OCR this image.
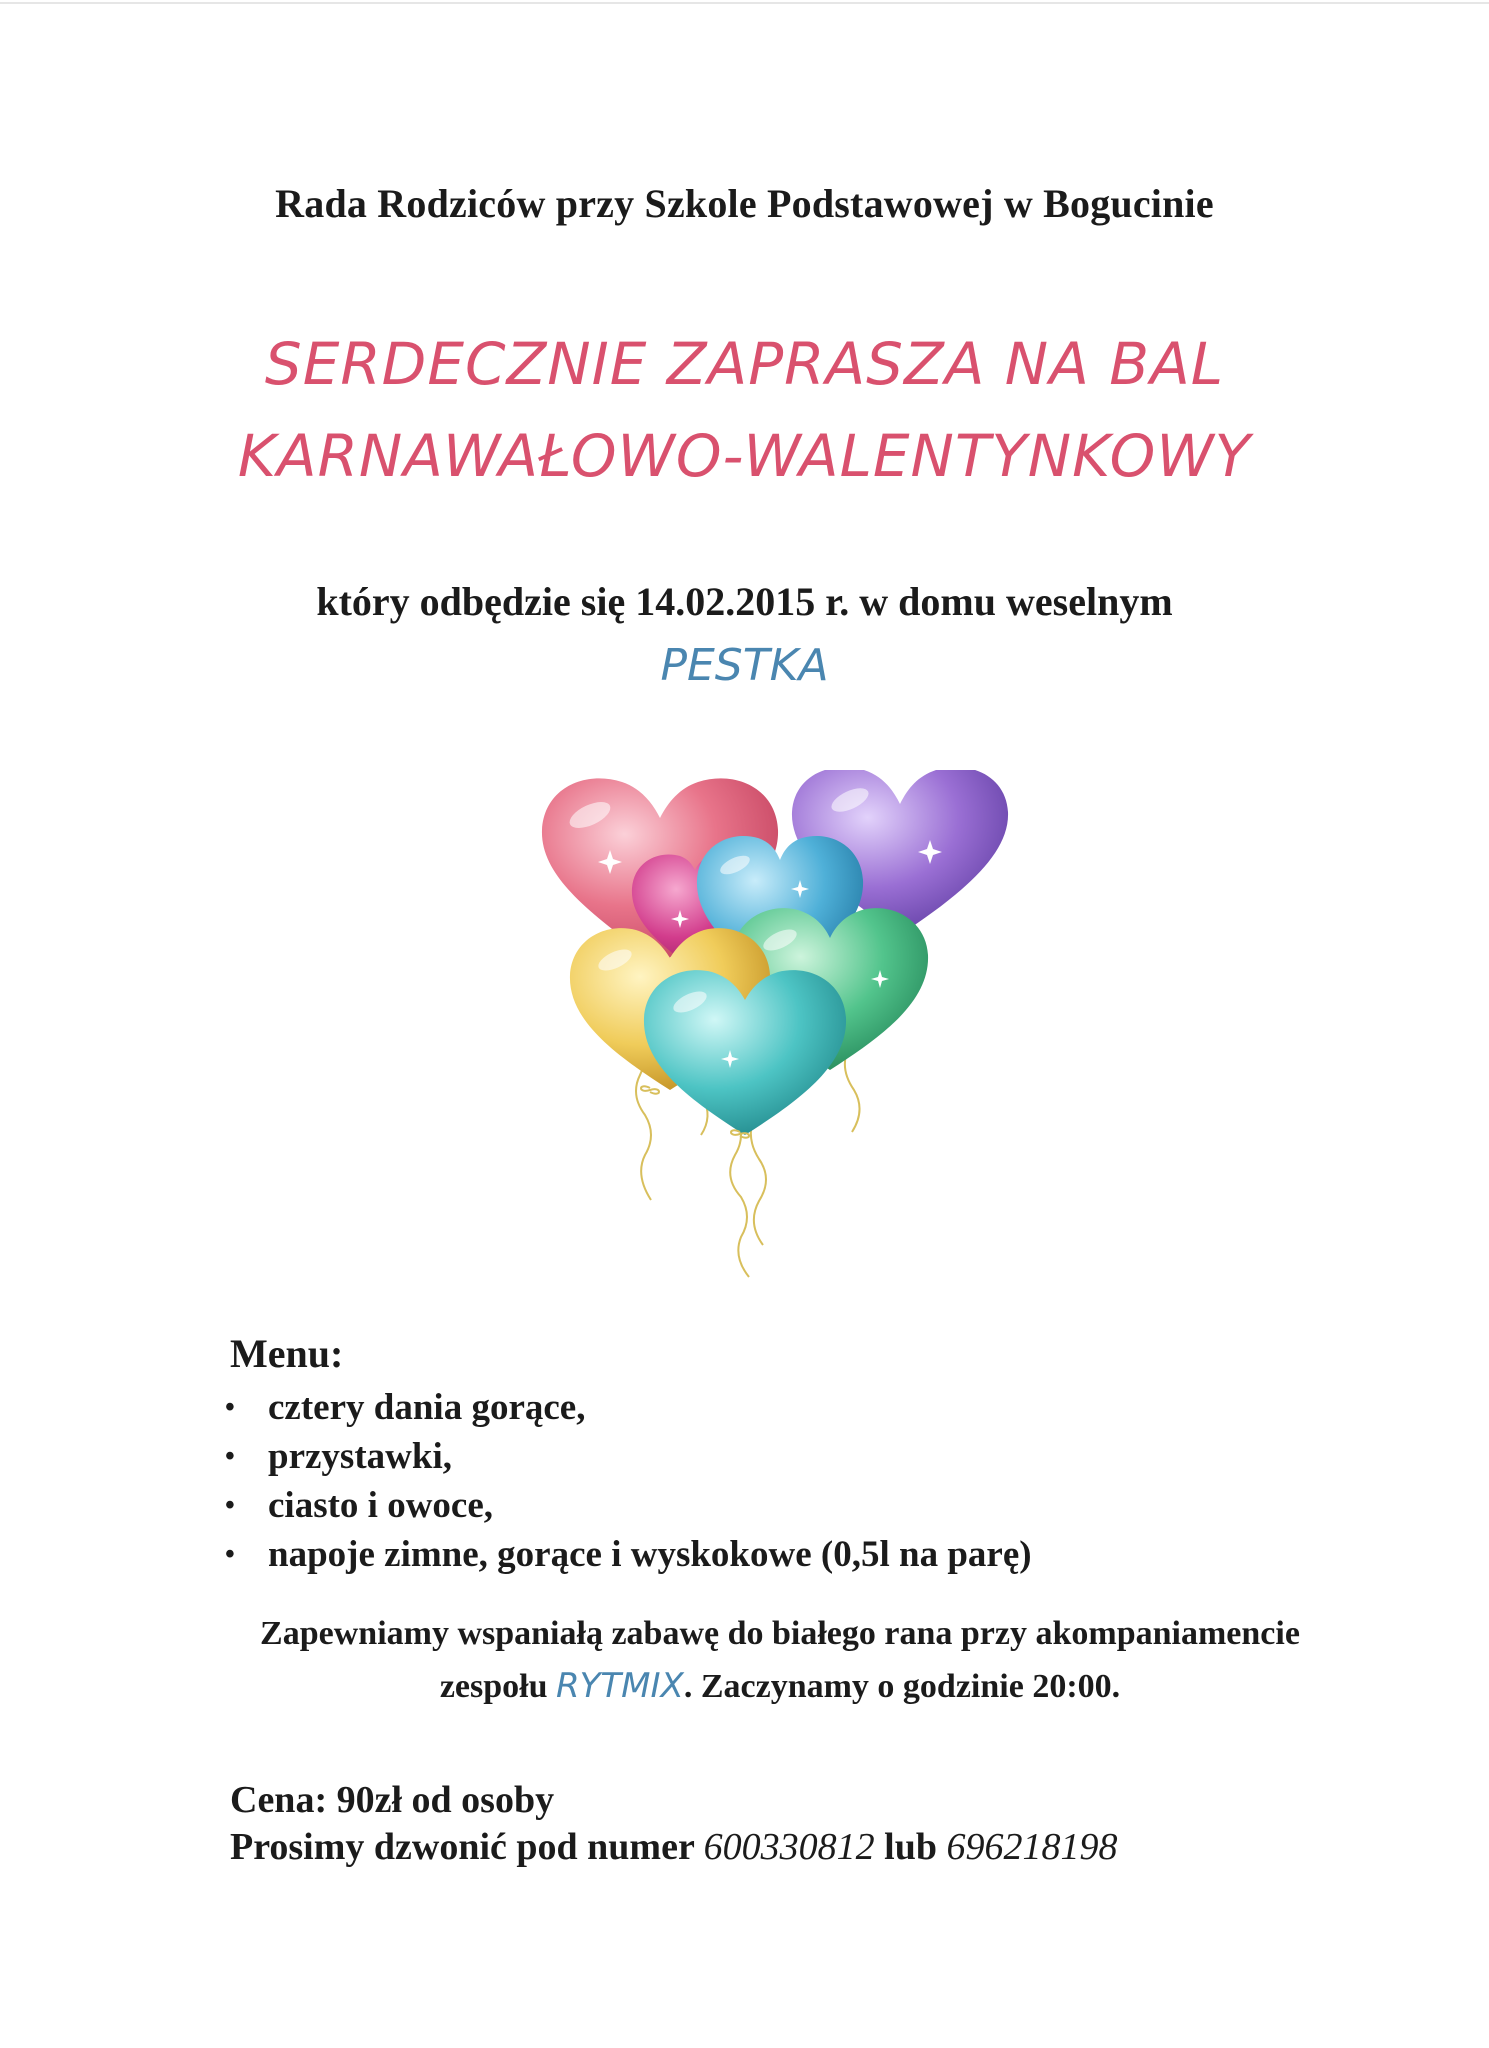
Rada Rodziców przy Szkole Podstawowej w Bogucinie
SERDECZNIE ZAPRASZA NA BAL
KARNAWAŁOWO-WALENTYNKOWY
który odbędzie się 14.02.2015 r. w domu weselnym
PESTKA
Menu:
• cztery dania gorące,
• przystawki,
• ciasto i owoce,
• napoje zimne, gorące i wyskokowe (0,5l na parę)
Zapewniamy wspaniałą zabawę do białego rana przy akompaniamencie
zespołu RYTMIX. Zaczynamy o godzinie 20:00.
Cena: 90zł od osoby
Prosimy dzwonić pod numer 600330812 lub 696218198
